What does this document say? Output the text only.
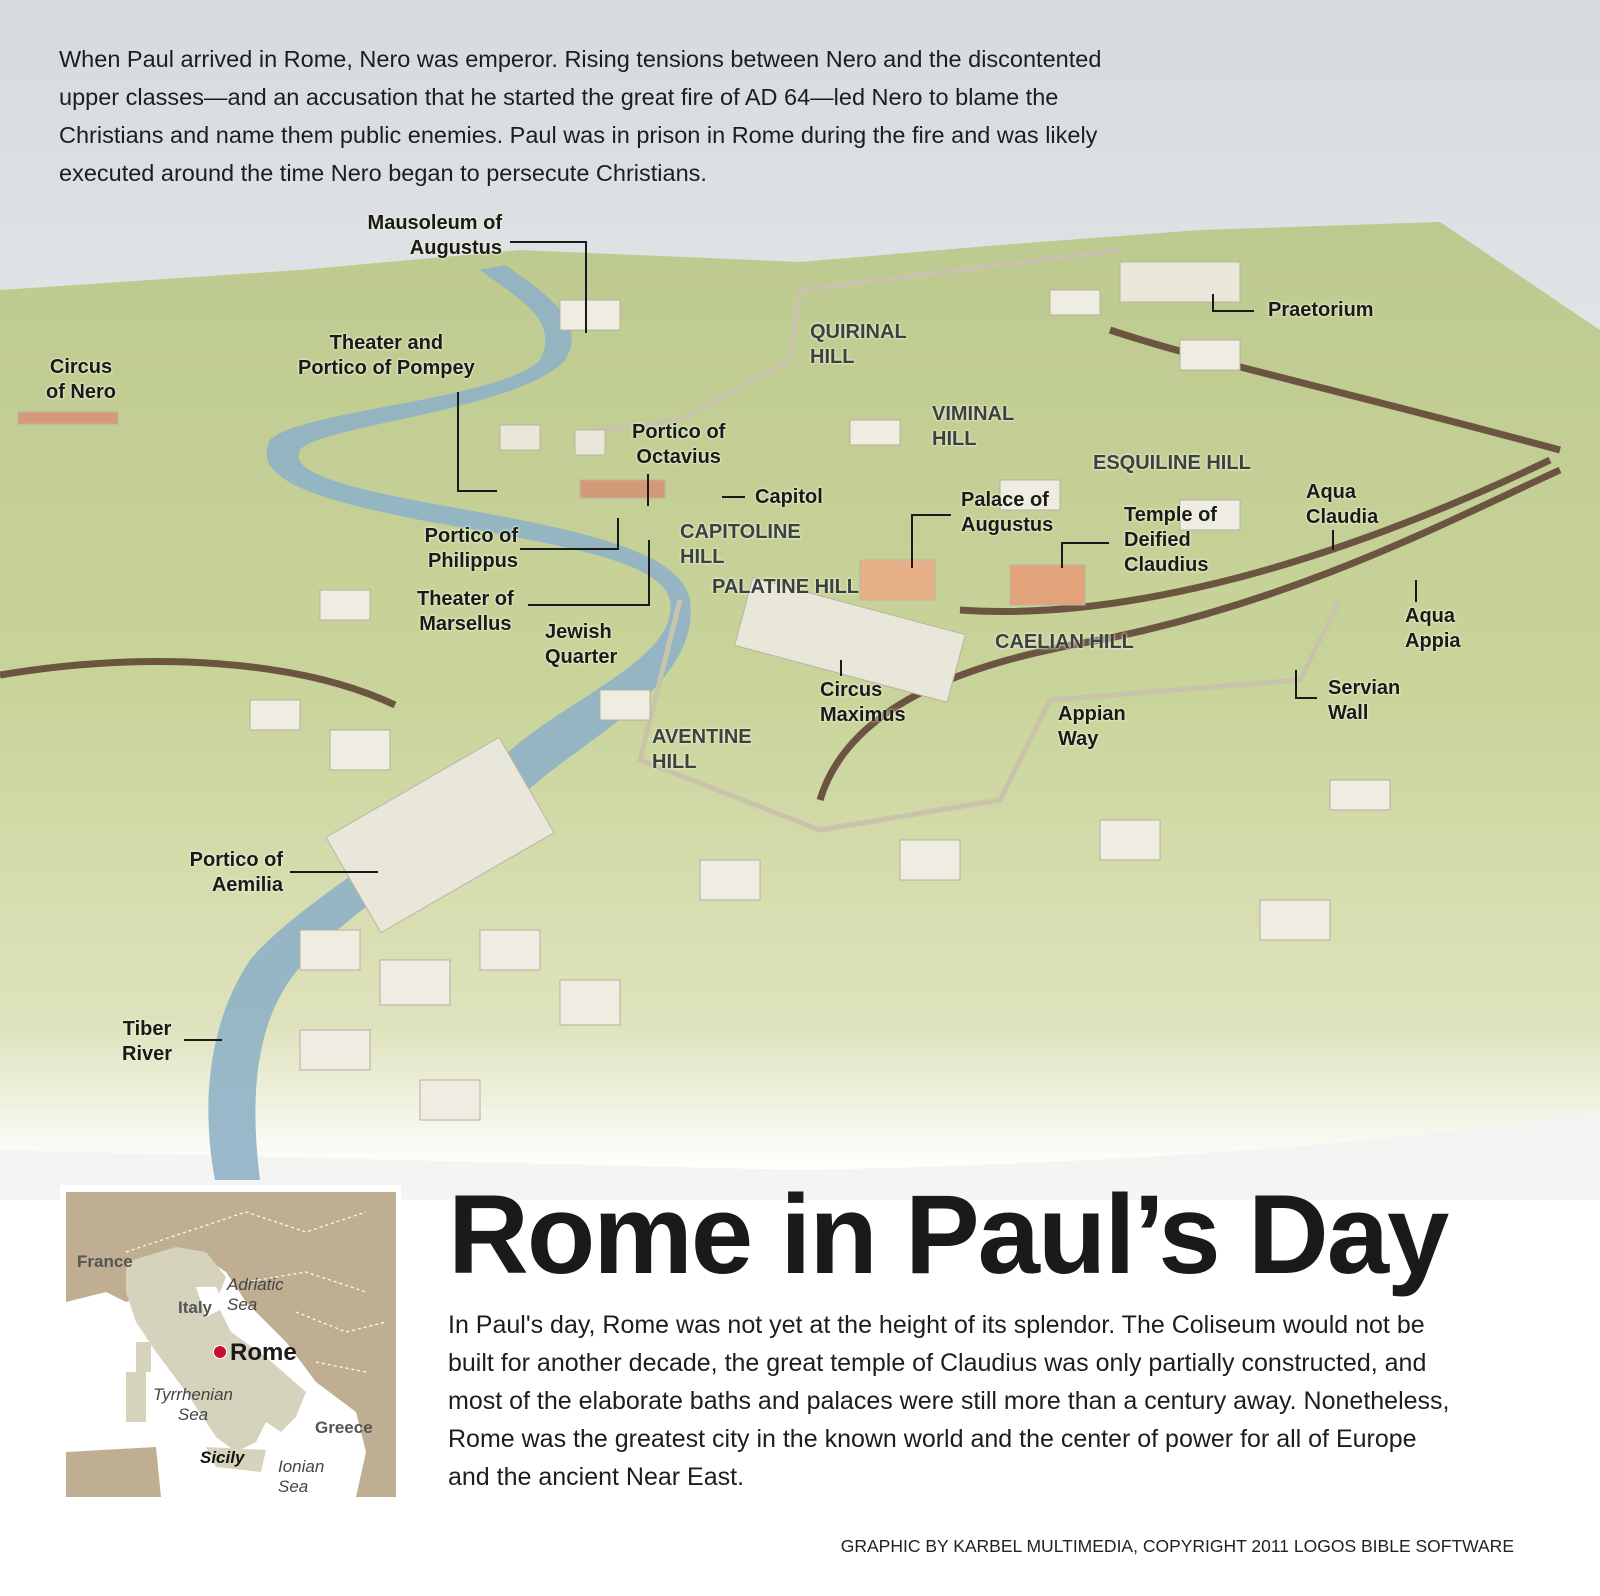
When Paul arrived in Rome, Nero was emperor. Rising tensions between Nero and the discontented upper classes—and an accusation that he started the great fire of AD 64—led Nero to blame the Christians and name them public enemies. Paul was in prison in Rome during the fire and was likely executed around the time Nero began to persecute Christians.
Mausoleum of
Augustus
Circus
of Nero
Theater and
Portico of Pompey
Portico of
Octavius
Capitol
Portico of
Philippus
Theater of
Marsellus Jewish
Quarter
CAPITOLINE
HILL
PALATINE HILL
QUIRINAL
HILL
VIMINAL
HILL
ESQUILINE HILL
Palace of
Augustus	Temple of
Deified
Claudius
Praetorium
Aqua
Claudia
Aqua
Appia
CAELIAN HILL
Circus
Maximus	Appian
Way
Servian
Wall
AVENTINE
HILL
Portico of
Aemilia
Tiber
River
France
Italy
Adriatic
Sea
Rome
Tyrrhenian
Sea
Greece
Sicily Ionian
Sea
Rome in Paul’s Day
In Paul's day, Rome was not yet at the height of its splendor. The Coliseum would not be built for another decade, the great temple of Claudius was only partially constructed, and most of the elaborate baths and palaces were still more than a century away. Nonetheless, Rome was the greatest city in the known world and the center of power for all of Europe and the ancient Near East.
GRAPHIC BY KARBEL MULTIMEDIA, COPYRIGHT 2011 LOGOS BIBLE SOFTWARE
